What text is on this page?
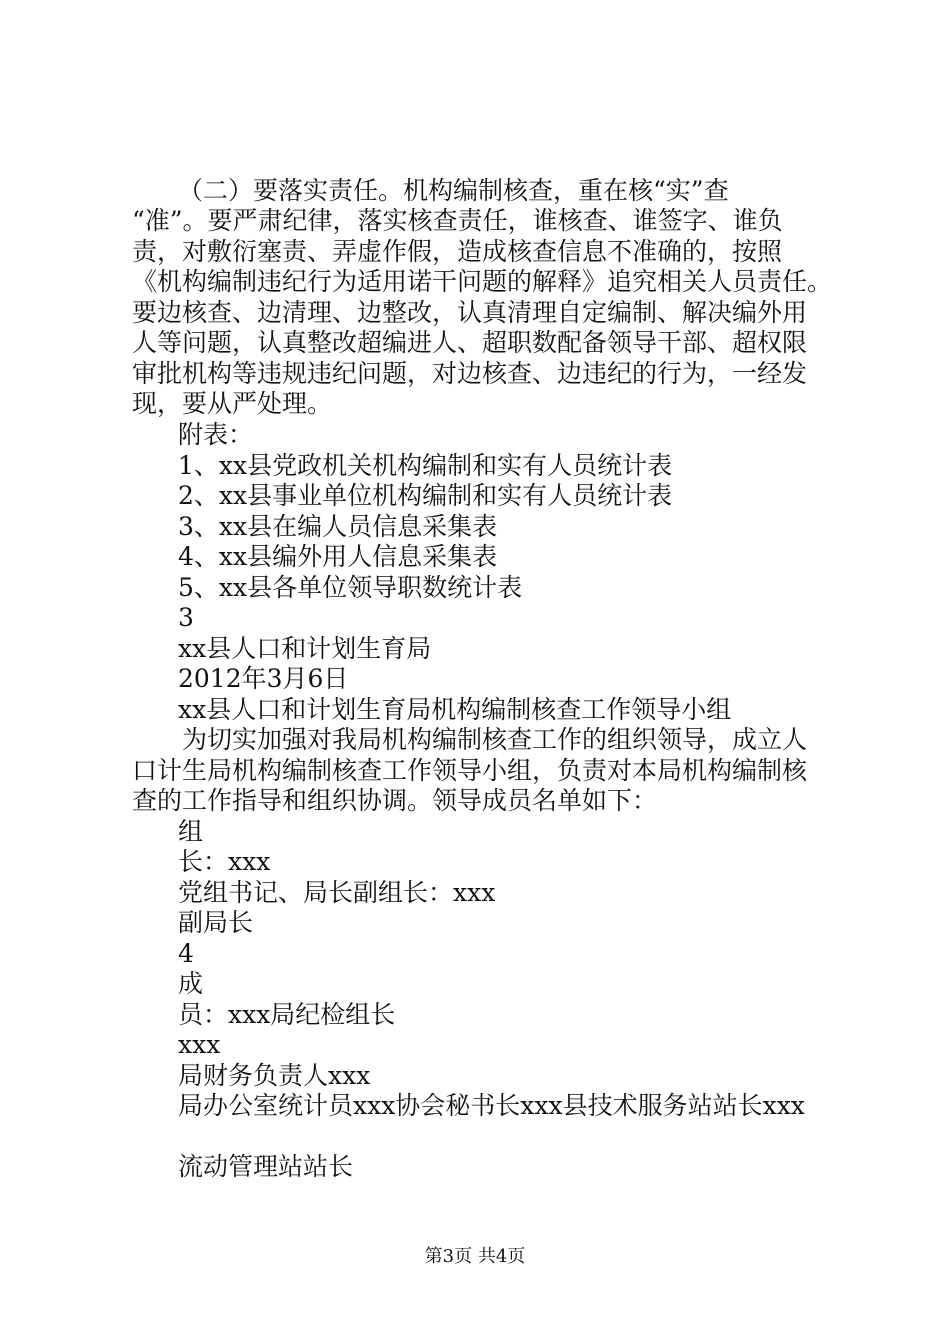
（二）要落实责任。机构编制核查，重在核“实”查
“准”。要严肃纪律，落实核查责任，谁核查、谁签字、谁负
责，对敷衍塞责、弄虚作假，造成核查信息不准确的，按照
《机构编制违纪行为适用诺干问题的解释》追究相关人员责任。
要边核查、边清理、边整改，认真清理自定编制、解决编外用
人等问题，认真整改超编进人、超职数配备领导干部、超权限
审批机构等违规违纪问题，对边核查、边违纪的行为，一经发
现，要从严处理。
附表：
1、xx县党政机关机构编制和实有人员统计表
2、xx县事业单位机构编制和实有人员统计表
3、xx县在编人员信息采集表
4、xx县编外用人信息采集表
5、xx县各单位领导职数统计表
3
xx县人口和计划生育局
2012年3月6日
xx县人口和计划生育局机构编制核查工作领导小组
为切实加强对我局机构编制核查工作的组织领导，成立人
口计生局机构编制核查工作领导小组，负责对本局机构编制核
查的工作指导和组织协调。领导成员名单如下：
组
长：xxx
党组书记、局长副组长：xxx
副局长
4
成
员：xxx局纪检组长
xxx
局财务负责人xxx
局办公室统计员xxx协会秘书长xxx县技术服务站站长xxx
流动管理站站长
第3页 共4页
